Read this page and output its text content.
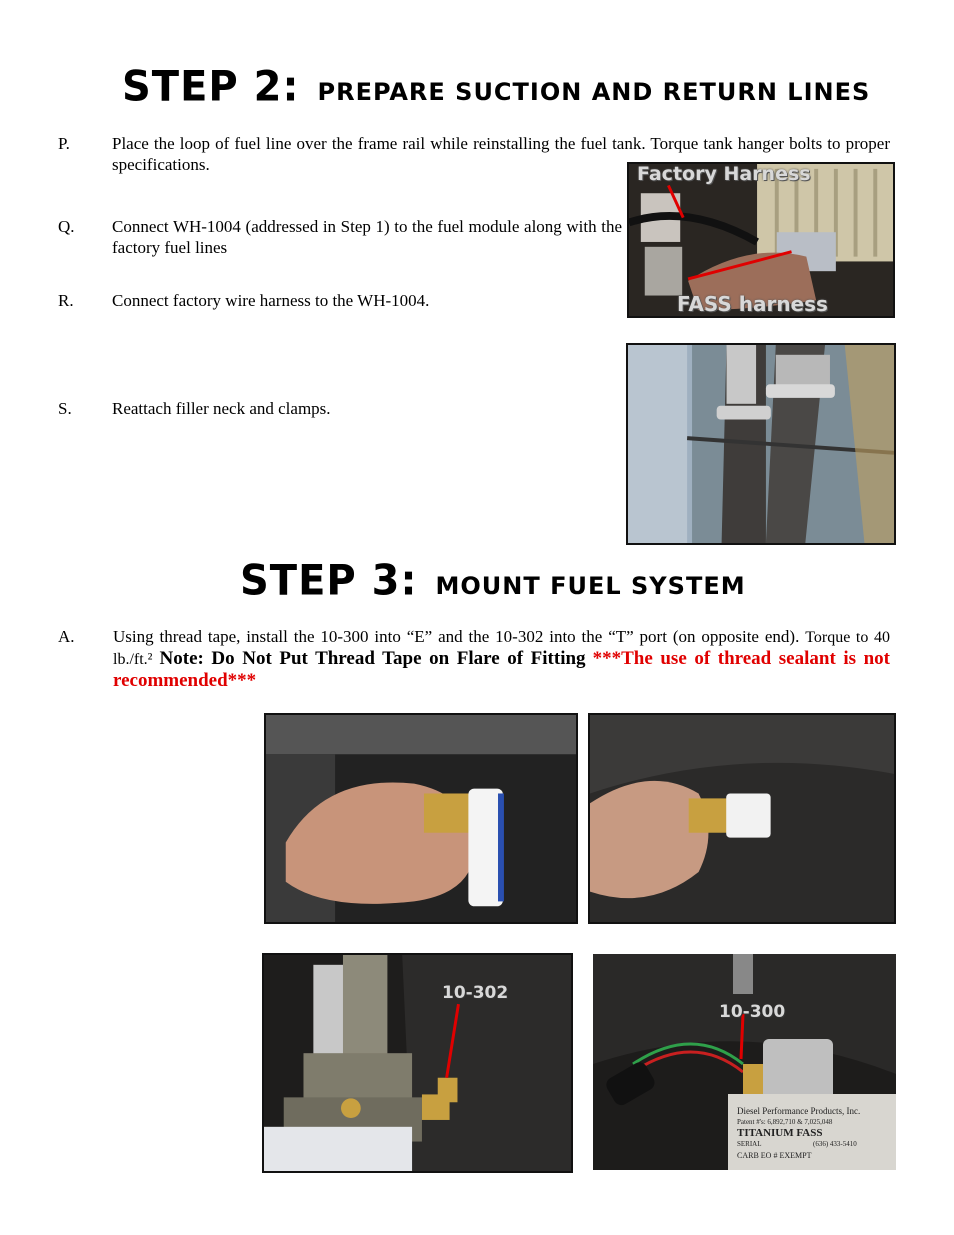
STEP 2: PREPARE SUCTION AND RETURN LINES
P. Place the loop of fuel line over the frame rail while reinstalling the fuel tank. Torque tank hanger bolts to proper specifications.
Q. Connect WH-1004 (addressed in Step 1) to the fuel module along with the factory fuel lines
R. Connect factory wire harness to the WH-1004.
S. Reattach filler neck and clamps.
Factory Harness
FASS harness
STEP 3: MOUNT FUEL SYSTEM
A. Using thread tape, install the 10-300 into “E” and the 10-302 into the “T” port (on opposite end). Torque to 40 lb./ft.² Note: Do Not Put Thread Tape on Flare of Fitting ***The use of thread sealant is not recommended***
10-302
10-300
Diesel Performance Products, Inc.
Patent #'s: 6,892,710 & 7,025,048
TITANIUM FASS
SERIAL	(636) 433-5410
CARB EO # EXEMPT
